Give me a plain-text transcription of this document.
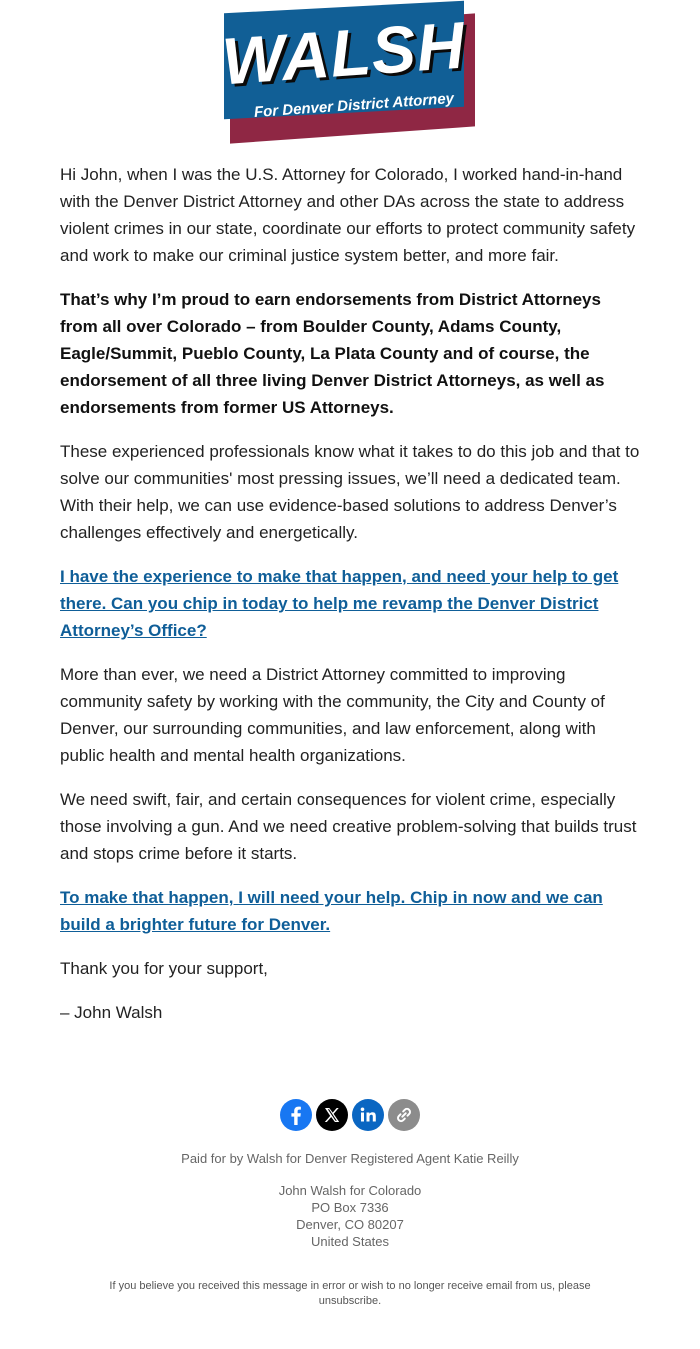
WALSH
For Denver District Attorney

Hi John, when I was the U.S. Attorney for Colorado, I worked hand-in-hand with the Denver District Attorney and other DAs across the state to address violent crimes in our state, coordinate our efforts to protect community safety and work to make our criminal justice system better, and more fair.

That’s why I’m proud to earn endorsements from District Attorneys from all over Colorado – from Boulder County, Adams County, Eagle/Summit, Pueblo County, La Plata County and of course, the endorsement of all three living Denver District Attorneys, as well as endorsements from former US Attorneys.

These experienced professionals know what it takes to do this job and that to solve our communities' most pressing issues, we’ll need a dedicated team. With their help, we can use evidence-based solutions to address Denver’s challenges effectively and energetically.

I have the experience to make that happen, and need your help to get there. Can you chip in today to help me revamp the Denver District Attorney’s Office?

More than ever, we need a District Attorney committed to improving community safety by working with the community, the City and County of Denver, our surrounding communities, and law enforcement, along with public health and mental health organizations.

We need swift, fair, and certain consequences for violent crime, especially those involving a gun. And we need creative problem-solving that builds trust and stops crime before it starts.

To make that happen, I will need your help. Chip in now and we can build a brighter future for Denver.

Thank you for your support,

– John Walsh

Paid for by Walsh for Denver Registered Agent Katie Reilly
John Walsh for Colorado
PO Box 7336
Denver, CO 80207
United States
If you believe you received this message in error or wish to no longer receive email from us, please unsubscribe.
